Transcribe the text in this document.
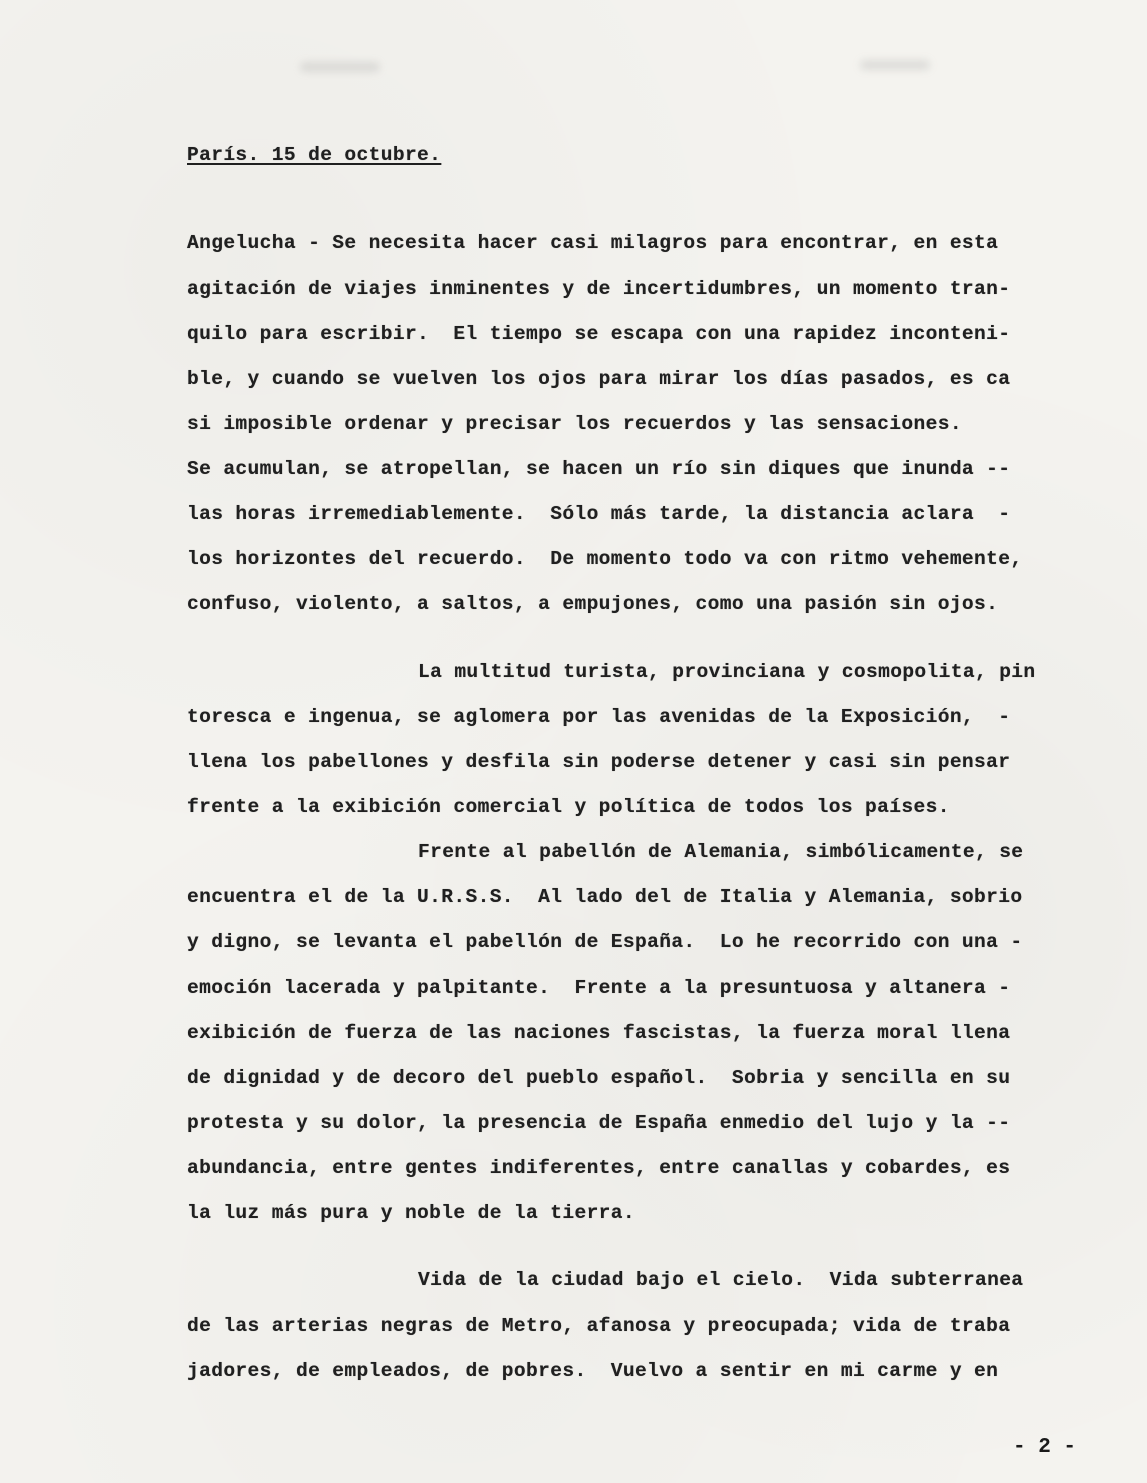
París. 15 de octubre.
Angelucha - Se necesita hacer casi milagros para encontrar, en esta
agitación de viajes inminentes y de incertidumbres, un momento tran-
quilo para escribir.  El tiempo se escapa con una rapidez inconteni-
ble, y cuando se vuelven los ojos para mirar los días pasados, es ca
si imposible ordenar y precisar los recuerdos y las sensaciones.
Se acumulan, se atropellan, se hacen un río sin diques que inunda --
las horas irremediablemente.  Sólo más tarde, la distancia aclara  -
los horizontes del recuerdo.  De momento todo va con ritmo vehemente,
confuso, violento, a saltos, a empujones, como una pasión sin ojos.
La multitud turista, provinciana y cosmopolita, pin
toresca e ingenua, se aglomera por las avenidas de la Exposición,  -
llena los pabellones y desfila sin poderse detener y casi sin pensar
frente a la exibición comercial y política de todos los países.
Frente al pabellón de Alemania, simbólicamente, se
encuentra el de la U.R.S.S.  Al lado del de Italia y Alemania, sobrio
y digno, se levanta el pabellón de España.  Lo he recorrido con una -
emoción lacerada y palpitante.  Frente a la presuntuosa y altanera -
exibición de fuerza de las naciones fascistas, la fuerza moral llena
de dignidad y de decoro del pueblo español.  Sobria y sencilla en su
protesta y su dolor, la presencia de España enmedio del lujo y la --
abundancia, entre gentes indiferentes, entre canallas y cobardes, es
la luz más pura y noble de la tierra.
Vida de la ciudad bajo el cielo.  Vida subterranea
de las arterias negras de Metro, afanosa y preocupada; vida de traba
jadores, de empleados, de pobres.  Vuelvo a sentir en mi carme y en
- 2 -
